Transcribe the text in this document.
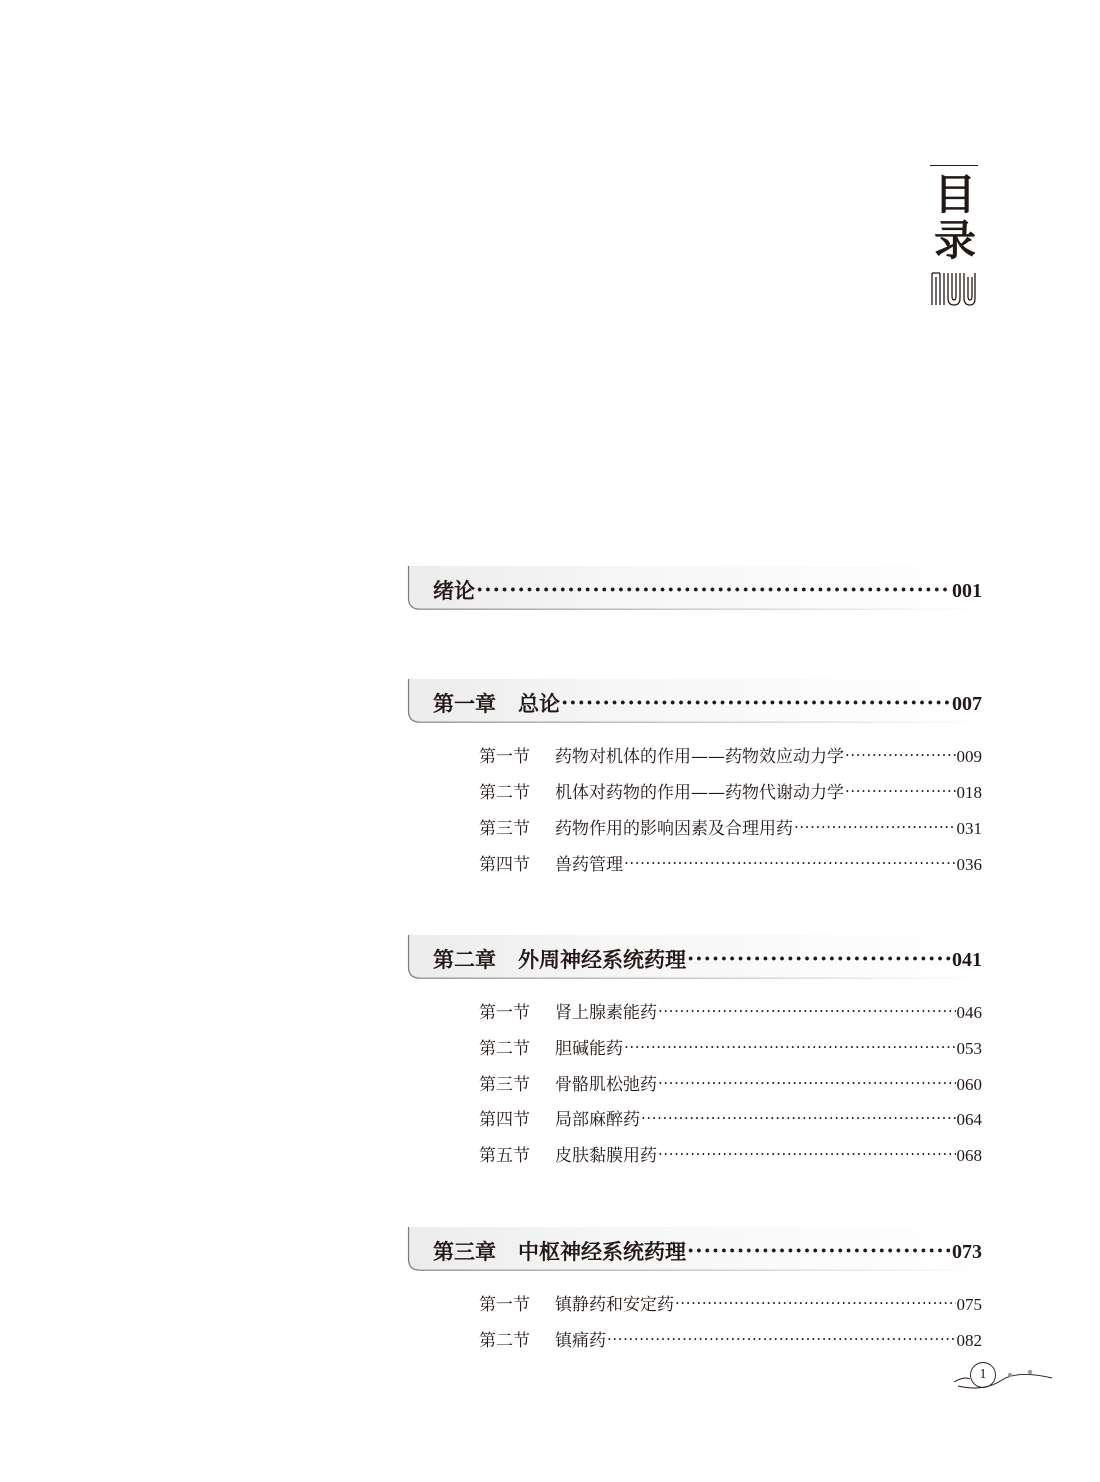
目
录
绪论 ·····	001
第一章 总论 ·····	007
第一节	药物对机体的作用——药物效应动力学 ·····	009
第二节	机体对药物的作用——药物代谢动力学 ·····	018
第三节	药物作用的影响因素及合理用药 ·····	031
第四节	兽药管理 ·····	036
第二章 外周神经系统药理 ·····	041
第一节	肾上腺素能药 ·····	046
第二节	胆碱能药 ·····	053
第三节	骨骼肌松弛药 ·····	060
第四节	局部麻醉药 ·····	064
第五节	皮肤黏膜用药 ·····	068
第三章 中枢神经系统药理 ·····	073
第一节	镇静药和安定药 ·····	075
第二节	镇痛药 ·····	082
1
